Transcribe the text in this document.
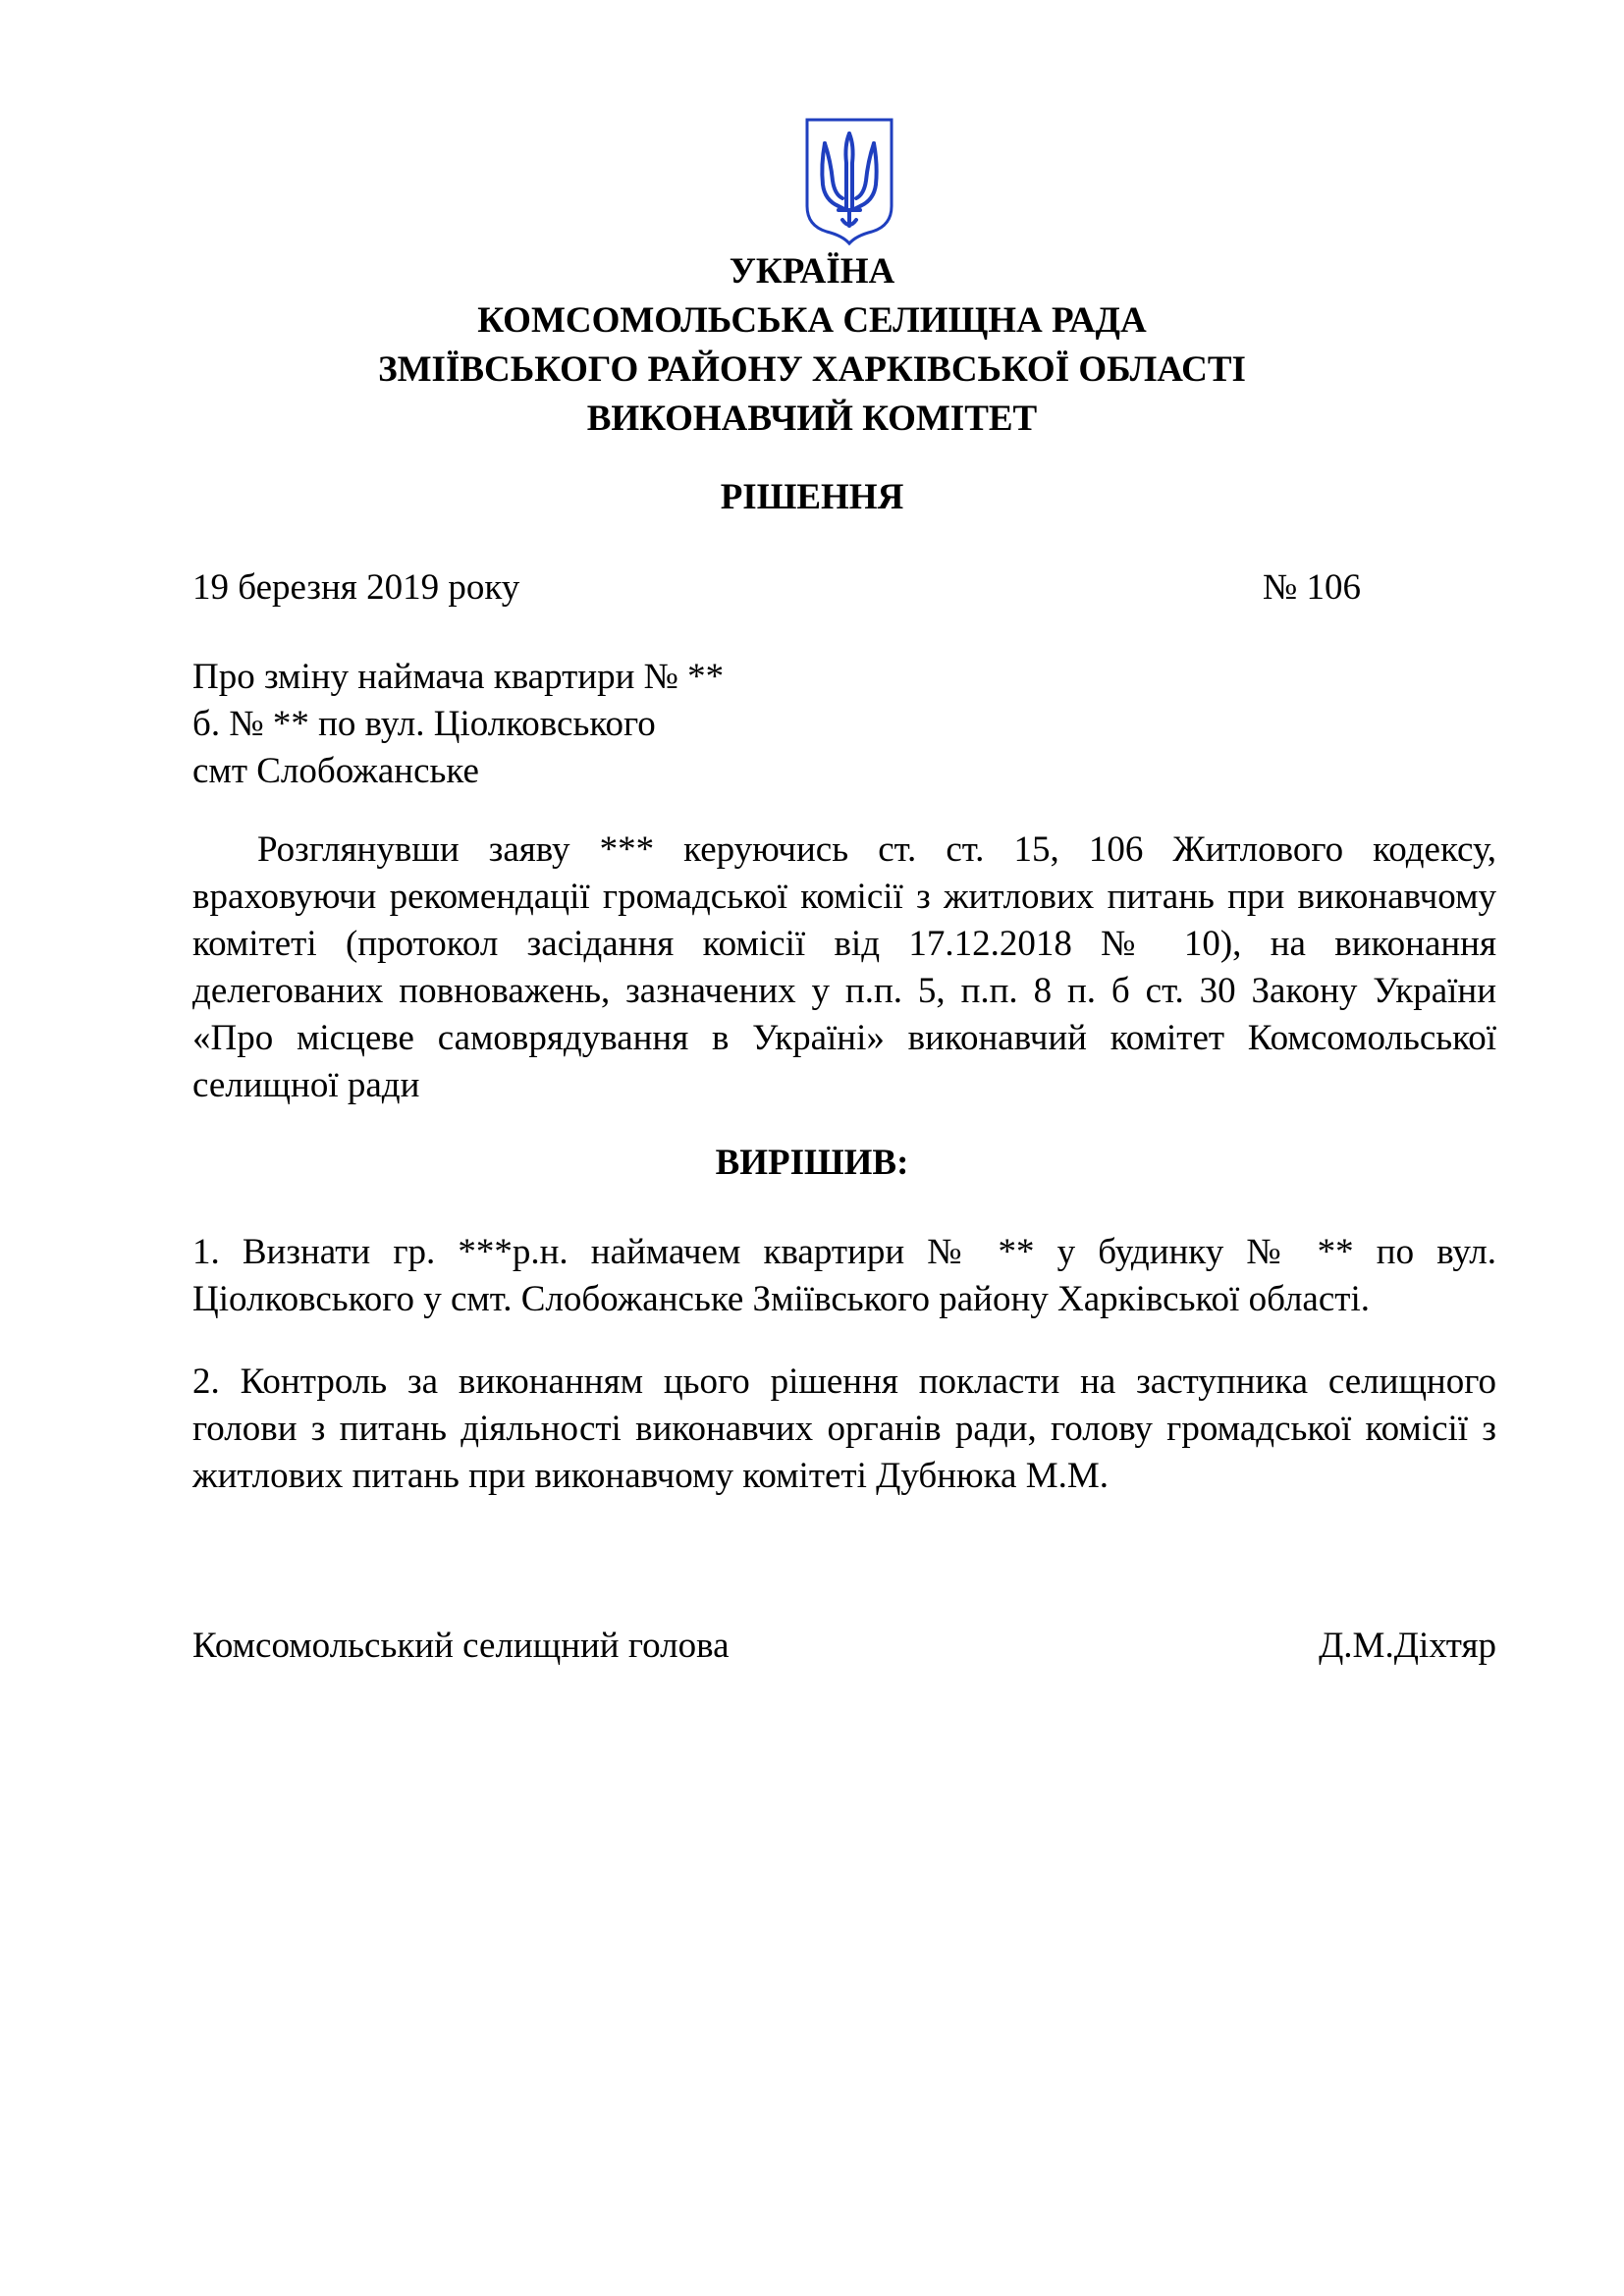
УКРАЇНА
КОМСОМОЛЬСЬКА СЕЛИЩНА РАДА
ЗМІЇВСЬКОГО РАЙОНУ ХАРКІВСЬКОЇ ОБЛАСТІ
ВИКОНАВЧИЙ КОМІТЕТ
РІШЕННЯ
19 березня 2019 року	№ 106
Про зміну наймача квартири № **
б. № ** по вул. Ціолковського
смт Слобожанське
Розглянувши заяву *** керуючись ст. ст. 15, 106 Житлового кодексу, враховуючи рекомендації громадської комісії з житлових питань при виконавчому комітеті (протокол засідання комісії від 17.12.2018 № 10), на виконання делегованих повноважень, зазначених у п.п. 5, п.п. 8 п. б ст. 30 Закону України «Про місцеве самоврядування в Україні» виконавчий комітет Комсомольської селищної ради
ВИРІШИВ:
1. Визнати гр. ***р.н. наймачем квартири № ** у будинку № ** по вул. Ціолковського у смт. Слобожанське Зміївського району Харківської області.
2. Контроль за виконанням цього рішення покласти на заступника селищного голови з питань діяльності виконавчих органів ради, голову громадської комісії з житлових питань при виконавчому комітеті Дубнюка М.М.
Комсомольський селищний голова	Д.М.Діхтяр
